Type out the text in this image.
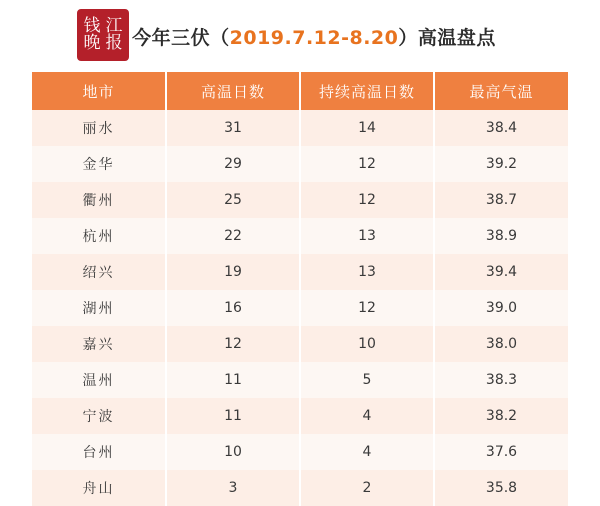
钱 江
晚 报 今年三伏（2019.7.12-8.20）高温盘点
地市	高温日数	持续高温日数	最高气温
丽水	31	14	38.4
金华	29	12	39.2
衢州	25	12	38.7
杭州	22	13	38.9
绍兴	19	13	39.4
湖州	16	12	39.0
嘉兴	12	10	38.0
温州	11	5	38.3
宁波	11	4	38.2
台州	10	4	37.6
舟山	3	2	35.8
